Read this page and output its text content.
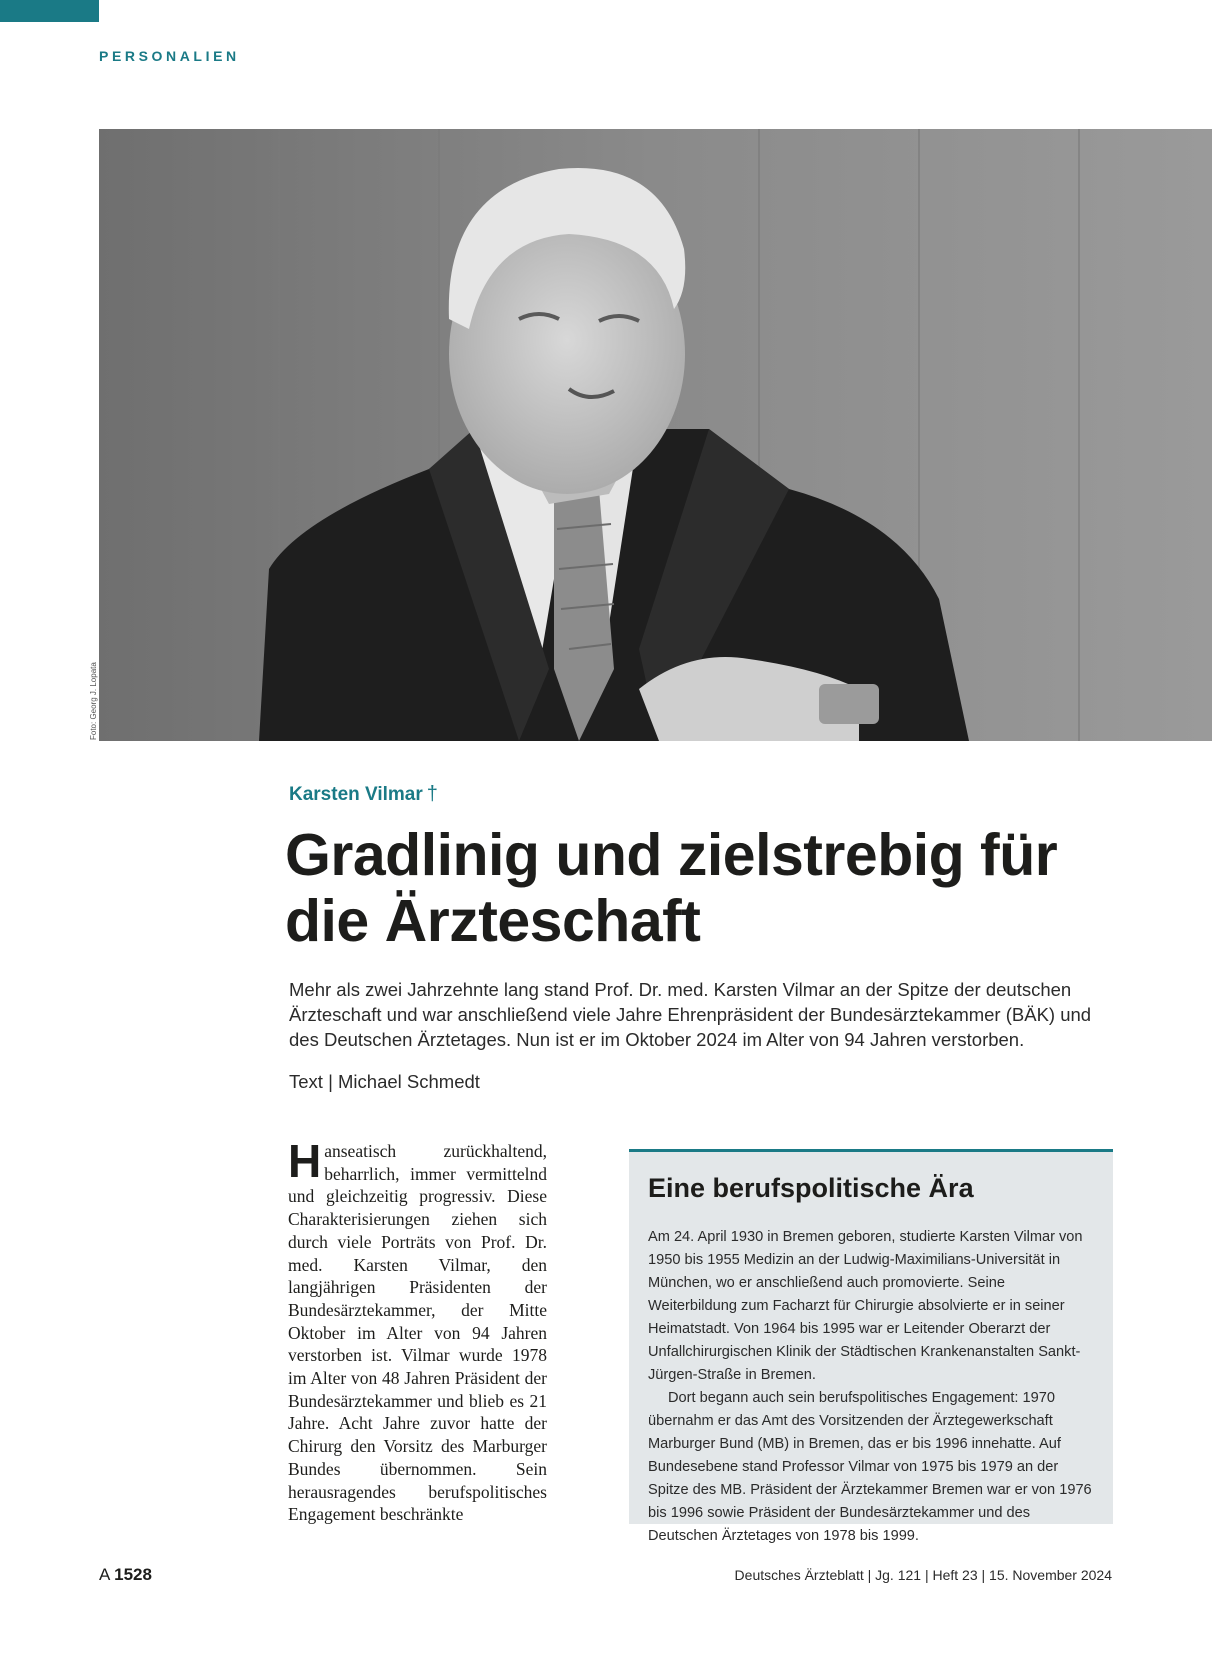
PERSONALIEN
Foto: Georg J. Lopata
Karsten Vilmar †
Gradlinig und zielstrebig für
die Ärzteschaft

Mehr als zwei Jahrzehnte lang stand Prof. Dr. med. Karsten Vilmar an der Spitze der deutschen Ärzteschaft und war anschließend viele Jahre Ehrenpräsident der Bundesärztekammer (BÄK) und des Deutschen Ärztetages. Nun ist er im Oktober 2024 im Alter von 94 Jahren verstorben.

Text | Michael Schmedt

Hanseatisch zurückhaltend, beharrlich, immer vermittelnd und gleichzeitig progressiv. Diese Charakterisierungen ziehen sich durch viele Porträts von Prof. Dr. med. Karsten Vilmar, den langjährigen Präsidenten der Bundesärztekammer, der Mitte Oktober im Alter von 94 Jahren verstorben ist. Vilmar wurde 1978 im Alter von 48 Jahren Präsident der Bundesärztekammer und blieb es 21 Jahre. Acht Jahre zuvor hatte der Chirurg den Vorsitz des Marburger Bundes übernommen. Sein herausragendes berufspolitisches Engagement beschränkte

Eine berufspolitische Ära

Am 24. April 1930 in Bremen geboren, studierte Karsten Vilmar von 1950 bis 1955 Medizin an der Ludwig-Maximilians-Universität in München, wo er anschließend auch promovierte. Seine Weiterbildung zum Facharzt für Chirurgie absolvierte er in seiner Heimatstadt. Von 1964 bis 1995 war er Leitender Oberarzt der Unfallchirurgischen Klinik der Städtischen Krankenanstalten Sankt-Jürgen-Straße in Bremen.

Dort begann auch sein berufspolitisches Engagement: 1970 übernahm er das Amt des Vorsitzenden der Ärztegewerkschaft Marburger Bund (MB) in Bremen, das er bis 1996 innehatte. Auf Bundesebene stand Professor Vilmar von 1975 bis 1979 an der Spitze des MB. Präsident der Ärztekammer Bremen war er von 1976 bis 1996 sowie Präsident der Bundesärztekammer und des Deutschen Ärztetages von 1978 bis 1999.

A 1528	Deutsches Ärzteblatt | Jg. 121 | Heft 23 | 15. November 2024
